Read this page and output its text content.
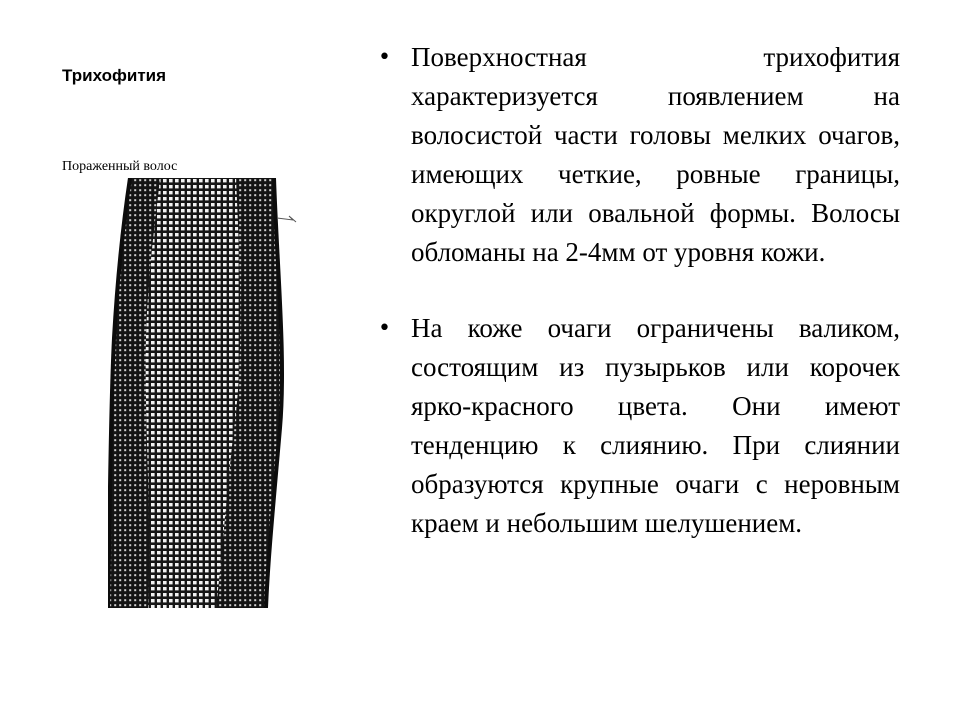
Трихофития
Пораженный волос
• Поверхностная трихофития характеризуется появлением на волосистой части головы мелких очагов, имеющих четкие, ровные границы, округлой или овальной формы. Волосы обломаны на 2-4мм от уровня кожи.
• На коже очаги ограничены валиком, состоящим из пузырьков или корочек ярко-красного цвета. Они имеют тенденцию к слиянию. При слиянии образуются крупные очаги с неровным краем и небольшим шелушением.
